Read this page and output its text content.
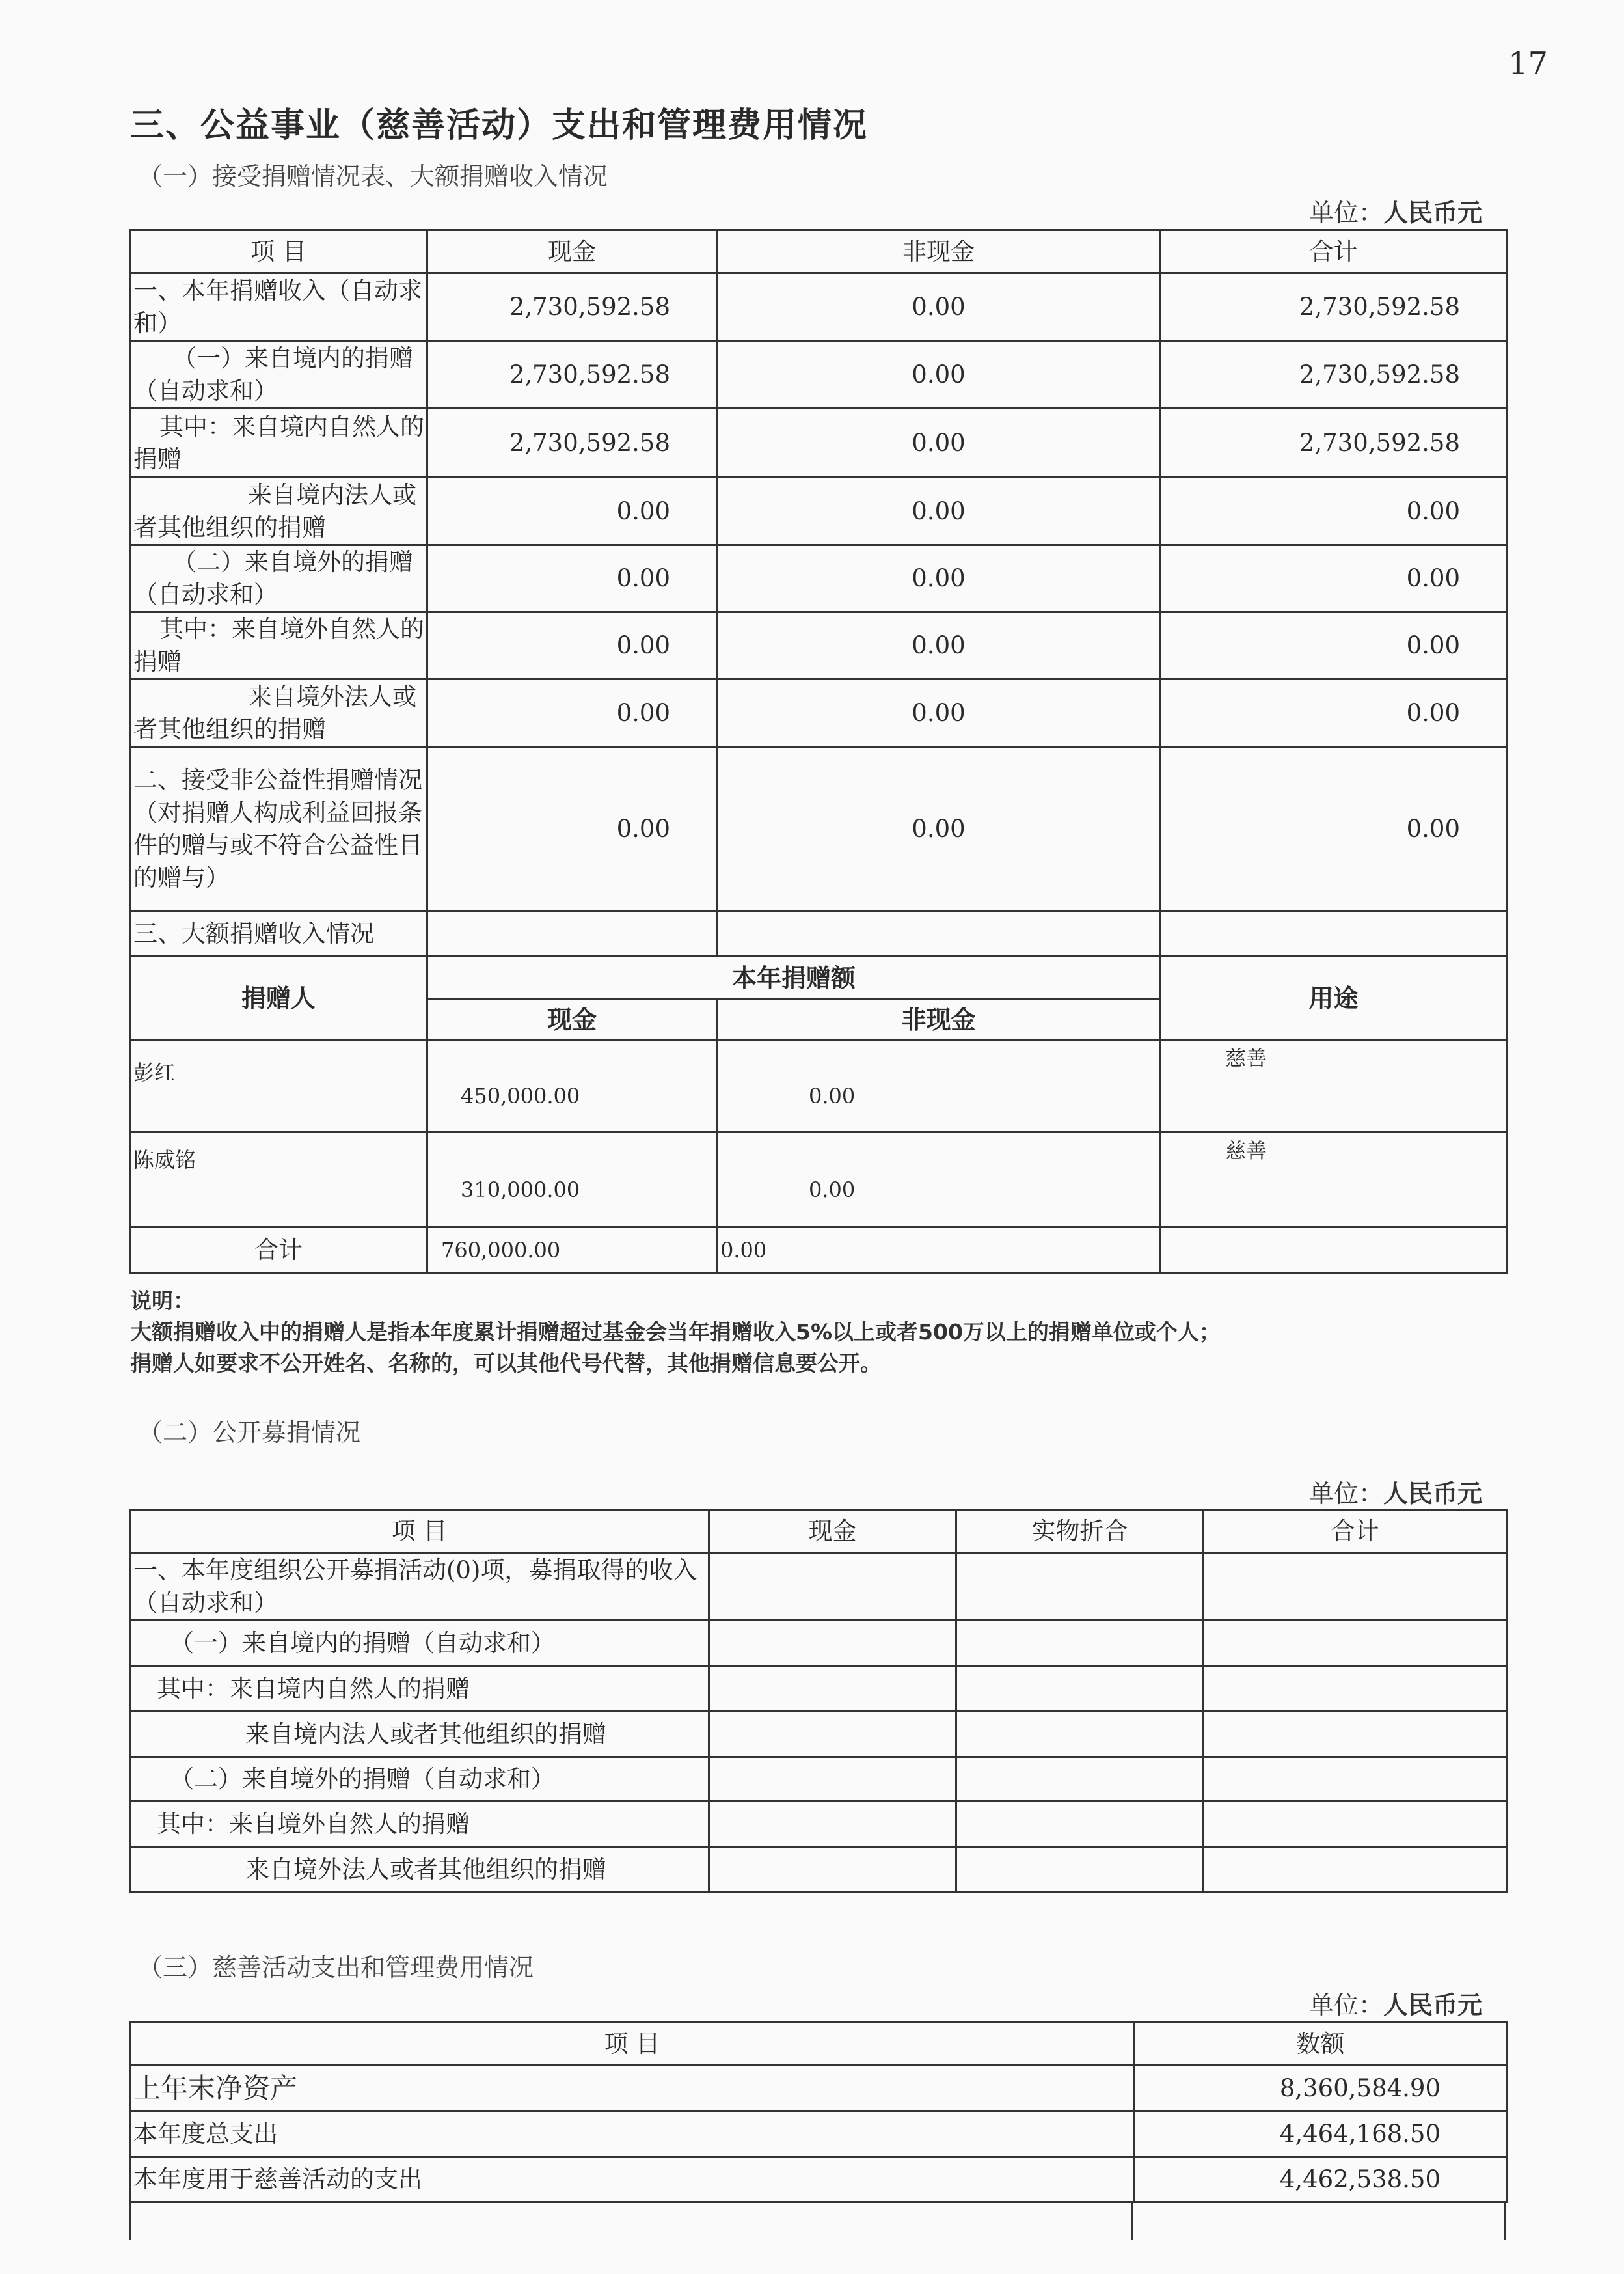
17
三、公益事业（慈善活动）支出和管理费用情况
（一）接受捐赠情况表、大额捐赠收入情况
单位：人民币元
项 目	现金	非现金	合计
一、本年捐赠收入（自动求和）	2,730,592.58	0.00	2,730,592.58
（一）来自境内的捐赠（自动求和）	2,730,592.58	0.00	2,730,592.58
其中：来自境内自然人的捐赠	2,730,592.58	0.00	2,730,592.58
来自境内法人或者其他组织的捐赠	0.00	0.00	0.00
（二）来自境外的捐赠（自动求和）	0.00	0.00	0.00
其中：来自境外自然人的捐赠	0.00	0.00	0.00
来自境外法人或者其他组织的捐赠	0.00	0.00	0.00
二、接受非公益性捐赠情况（对捐赠人构成利益回报条件的赠与或不符合公益性目的赠与）	0.00	0.00	0.00
三、大额捐赠收入情况			
捐赠人	本年捐赠额		用途
	现金	非现金	
彭红	450,000.00	0.00	慈善
陈威铭	310,000.00	0.00	慈善
合计	760,000.00	0.00	
说明：
大额捐赠收入中的捐赠人是指本年度累计捐赠超过基金会当年捐赠收入5%以上或者500万以上的捐赠单位或个人；
捐赠人如要求不公开姓名、名称的，可以其他代号代替，其他捐赠信息要公开。
（二）公开募捐情况
单位：人民币元
项 目	现金	实物折合	合计
一、本年度组织公开募捐活动(0)项，募捐取得的收入（自动求和）			
（一）来自境内的捐赠（自动求和）			
其中：来自境内自然人的捐赠			
来自境内法人或者其他组织的捐赠			
（二）来自境外的捐赠（自动求和）			
其中：来自境外自然人的捐赠			
来自境外法人或者其他组织的捐赠			
（三）慈善活动支出和管理费用情况
单位：人民币元
项 目	数额
上年末净资产	8,360,584.90
本年度总支出	4,464,168.50
本年度用于慈善活动的支出	4,462,538.50
